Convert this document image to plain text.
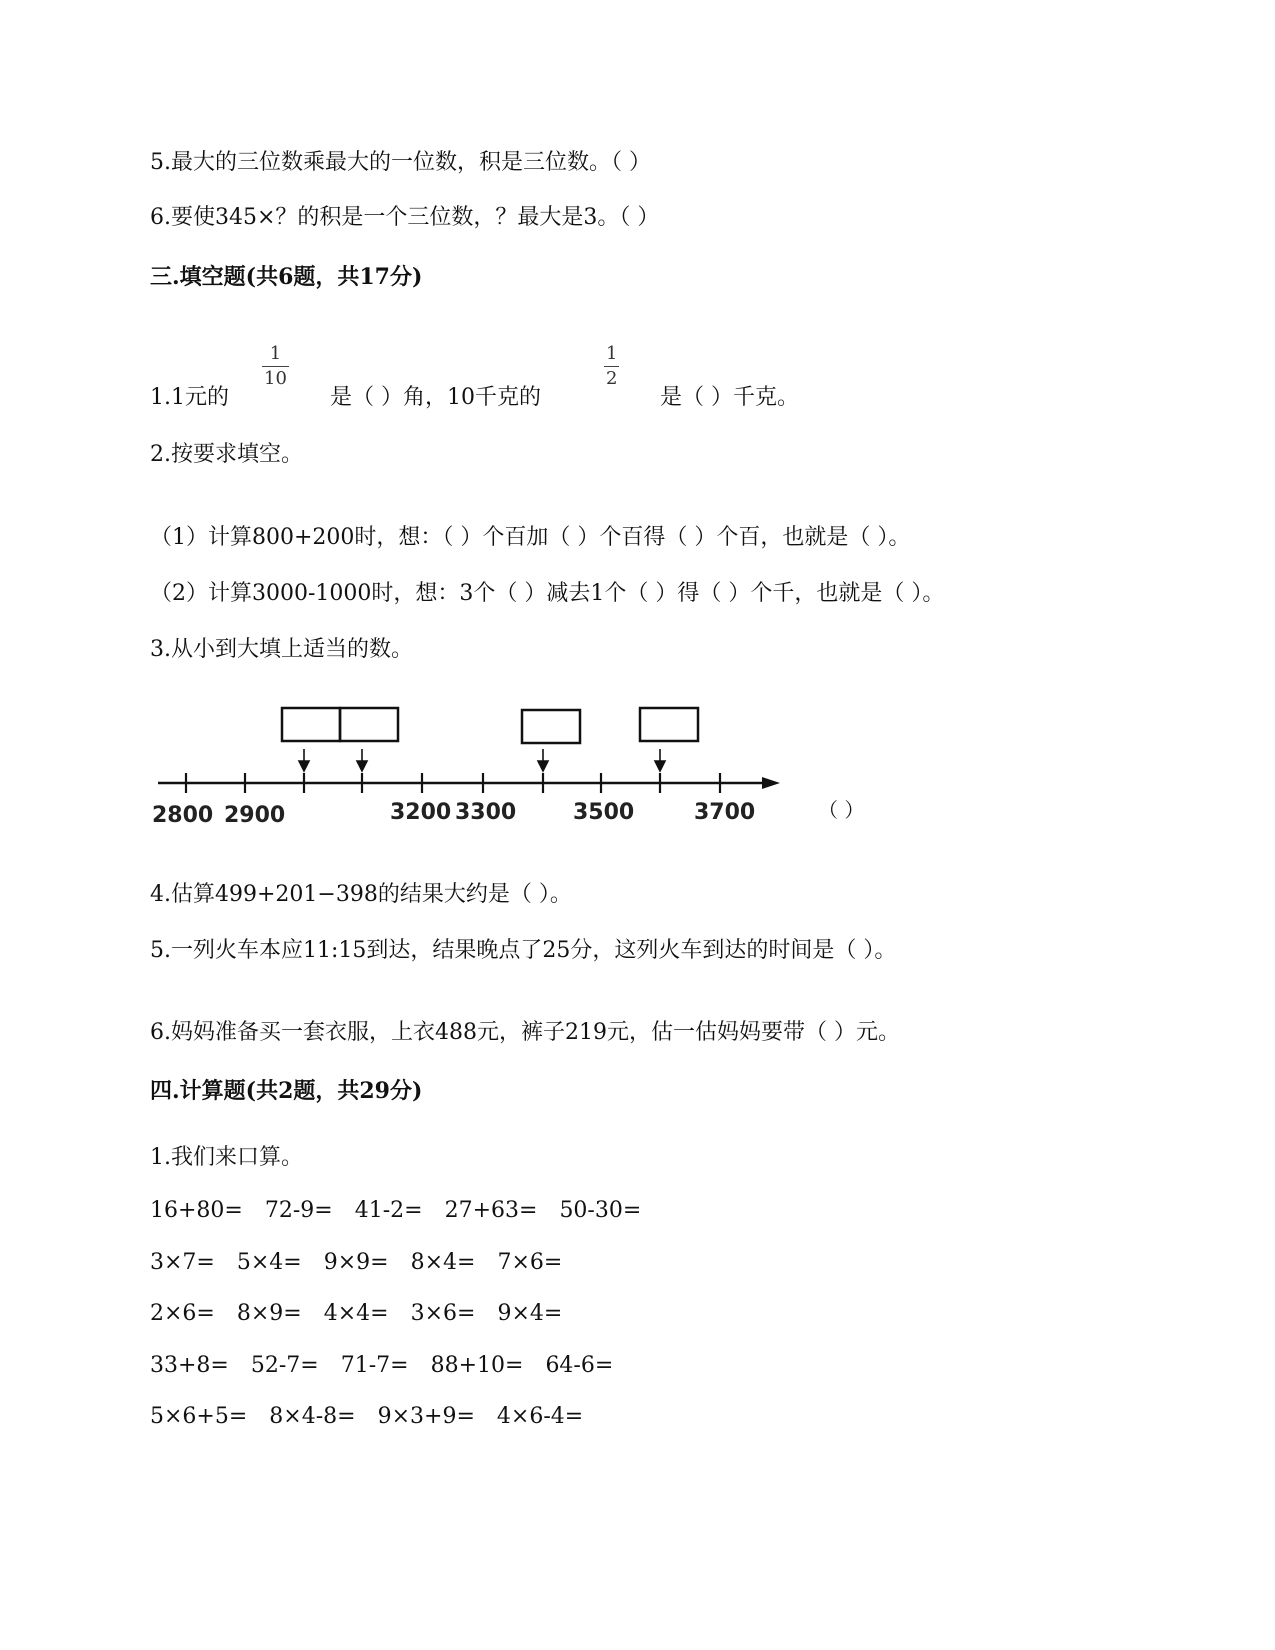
5.最大的三位数乘最大的一位数，积是三位数。（ ）
6.要使345×？的积是一个三位数，？最大是3。（ ）
三.填空题(共6题，共17分)
1.1元的
1
10
是（ ）角，10千克的
1
2
是（ ）千克。
2.按要求填空。
（1）计算800+200时，想：（ ）个百加（ ）个百得（ ）个百，也就是（ ）。
（2）计算3000-1000时，想：3个（ ）减去1个（ ）得（ ）个千，也就是（ ）。
3.从小到大填上适当的数。
2800 2900	3200 3300	3500	3700	（ ）
4.估算499+201−398的结果大约是（ ）。
5.一列火车本应11:15到达，结果晚点了25分，这列火车到达的时间是（ ）。
6.妈妈准备买一套衣服，上衣488元，裤子219元，估一估妈妈要带（ ）元。
四.计算题(共2题，共29分)
1.我们来口算。
16+80= 72-9= 41-2= 27+63= 50-30=
3×7= 5×4= 9×9= 8×4= 7×6=
2×6= 8×9= 4×4= 3×6= 9×4=
33+8= 52-7= 71-7= 88+10= 64-6=
5×6+5= 8×4-8= 9×3+9= 4×6-4=
